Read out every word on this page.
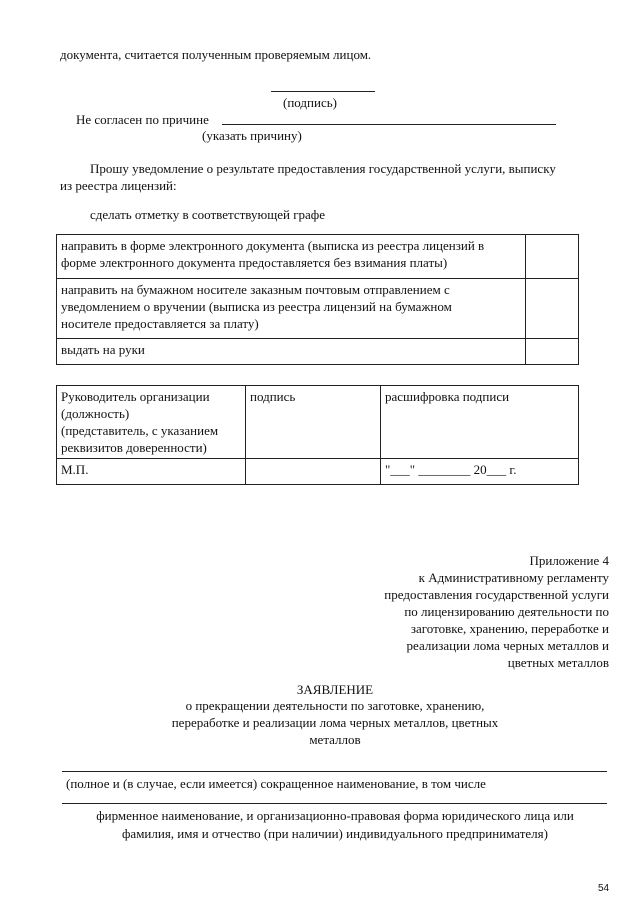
документа, считается полученным проверяемым лицом.
(подпись)
Не согласен по причине
(указать причину)
Прошу уведомление о результате предоставления государственной услуги, выписку
из реестра лицензий:
сделать отметку в соответствующей графе
направить в форме электронного документа (выписка из реестра лицензий в
форме электронного документа предоставляется без взимания платы)	

направить на бумажном носителе заказным почтовым отправлением с
уведомлением о вручении (выписка из реестра лицензий на бумажном
носителе предоставляется за плату)	

выдать на руки	

Руководитель организации
(должность)
(представитель, с указанием
реквизитов доверенности)	подпись	расшифровка подписи
М.П.		"___" ________ 20___ г.
Приложение 4
к Административному регламенту
предоставления государственной услуги
по лицензированию деятельности по
заготовке, хранению, переработке и
реализации лома черных металлов и
цветных металлов
ЗАЯВЛЕНИЕ
о прекращении деятельности по заготовке, хранению,
переработке и реализации лома черных металлов, цветных
металлов
(полное и (в случае, если имеется) сокращенное наименование, в том числе
фирменное наименование, и организационно-правовая форма юридического лица или
фамилия, имя и отчество (при наличии) индивидуального предпринимателя)
54
